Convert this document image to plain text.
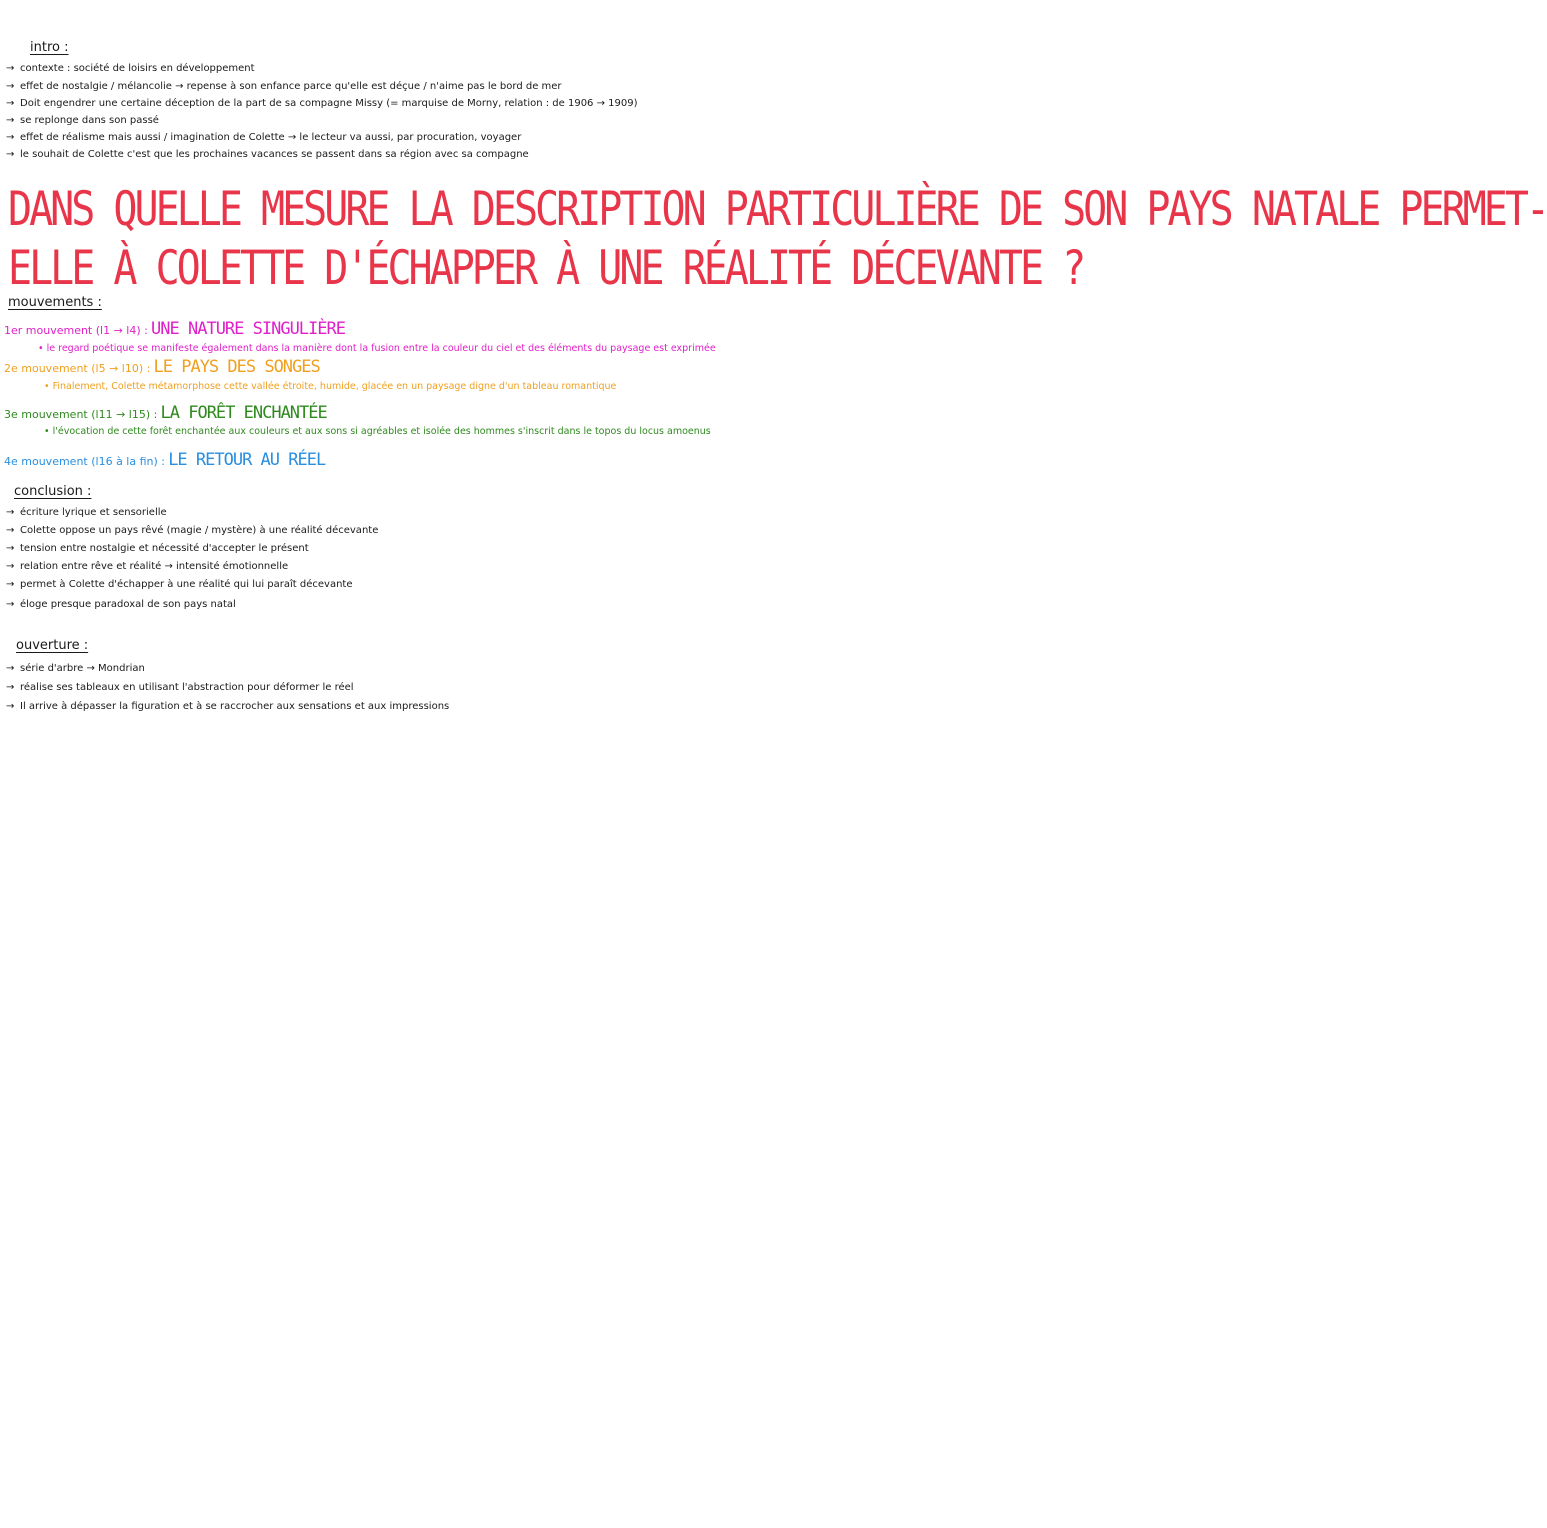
intro :
→ contexte : société de loisirs en développement
→ effet de nostalgie / mélancolie → repense à son enfance parce qu'elle est déçue / n'aime pas le bord de mer
→ Doit engendrer une certaine déception de la part de sa compagne Missy (= marquise de Morny, relation : de 1906 → 1909)
→ se replonge dans son passé
→ effet de réalisme mais aussi / imagination de Colette → le lecteur va aussi, par procuration, voyager
→ le souhait de Colette c'est que les prochaines vacances se passent dans sa région avec sa compagne
DANS QUELLE MESURE LA DESCRIPTION PARTICULIÈRE DE SON PAYS NATALE PERMET-
ELLE À COLETTE D'ÉCHAPPER À UNE RÉALITÉ DÉCEVANTE ?
mouvements :
1er mouvement (l1 → l4) : UNE NATURE SINGULIÈRE
• le regard poétique se manifeste également dans la manière dont la fusion entre la couleur du ciel et des éléments du paysage est exprimée
2e mouvement (l5 → l10) : LE PAYS DES SONGES
• Finalement, Colette métamorphose cette vallée étroite, humide, glacée en un paysage digne d'un tableau romantique
3e mouvement (l11 → l15) : LA FORÊT ENCHANTÉE
• l'évocation de cette forêt enchantée aux couleurs et aux sons si agréables et isolée des hommes s'inscrit dans le topos du locus amoenus
4e mouvement (l16 à la fin) : LE RETOUR AU RÉEL
conclusion :
→ écriture lyrique et sensorielle
→ Colette oppose un pays rêvé (magie / mystère) à une réalité décevante
→ tension entre nostalgie et nécessité d'accepter le présent
→ relation entre rêve et réalité → intensité émotionnelle
→ permet à Colette d'échapper à une réalité qui lui paraît décevante
→ éloge presque paradoxal de son pays natal
ouverture :
→ série d'arbre → Mondrian
→ réalise ses tableaux en utilisant l'abstraction pour déformer le réel
→ Il arrive à dépasser la figuration et à se raccrocher aux sensations et aux impressions
